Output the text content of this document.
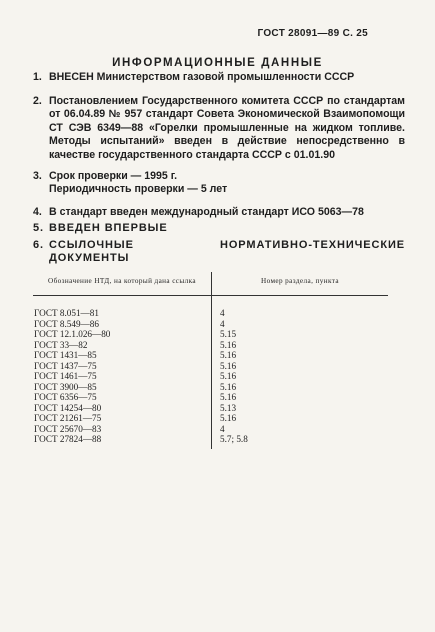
ГОСТ 28091—89 С. 25
ИНФОРМАЦИОННЫЕ ДАННЫЕ
1. ВНЕСЕН Министерством газовой промышленности СССР
2. Постановлением Государственного комитета СССР по стандартам от 06.04.89 № 957 стандарт Совета Экономической Взаимопомощи СТ СЭВ 6349—88 «Горелки промышленные на жидком топливе. Методы испытаний» введен в действие непосредственно в качестве государственного стандарта СССР с 01.01.90
3. Срок проверки — 1995 г.
Периодичность проверки — 5 лет
4. В стандарт введен международный стандарт ИСО 5063—78
5. ВВЕДЕН ВПЕРВЫЕ
6. ССЫЛОЧНЫЕ НОРМАТИВНО-ТЕХНИЧЕСКИЕ ДОКУМЕНТЫ
Обозначение НТД, на который дана ссылка	Номер раздела, пункта
ГОСТ 8.051—81	4
ГОСТ 8.549—86	4
ГОСТ 12.1.026—80	5.15
ГОСТ 33—82	5.16
ГОСТ 1431—85	5.16
ГОСТ 1437—75	5.16
ГОСТ 1461—75	5.16
ГОСТ 3900—85	5.16
ГОСТ 6356—75	5.16
ГОСТ 14254—80	5.13
ГОСТ 21261—75	5.16
ГОСТ 25670—83	4
ГОСТ 27824—88	5.7; 5.8
